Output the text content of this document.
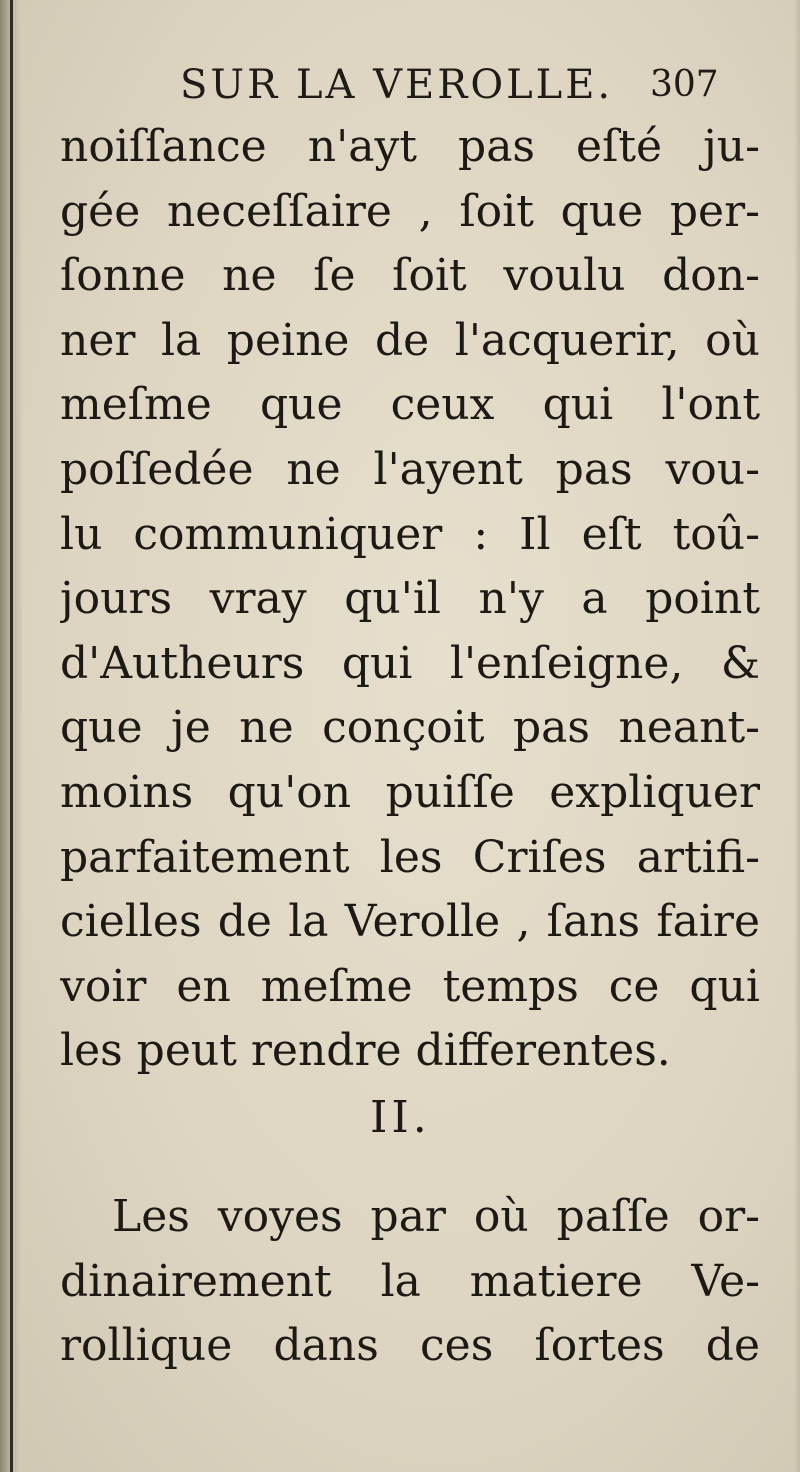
SUR LA VEROLLE. 307
noiſſance n'ayt pas eſté ju-
gée neceſſaire , ſoit que per-
ſonne ne ſe ſoit voulu don-
ner la peine de l'acquerir, où
meſme que ceux qui l'ont
poſſedée ne l'ayent pas vou-
lu communiquer : Il eſt toû-
jours vray qu'il n'y a point
d'Autheurs qui l'enſeigne, &
que je ne conçoit pas neant-
moins qu'on puiſſe expliquer
parfaitement les Criſes artifi-
cielles de la Verolle , ſans faire
voir en meſme temps ce qui
les peut rendre differentes.
II.
Les voyes par où paſſe or-
dinairement la matiere Ve-
rollique dans ces ſortes de
